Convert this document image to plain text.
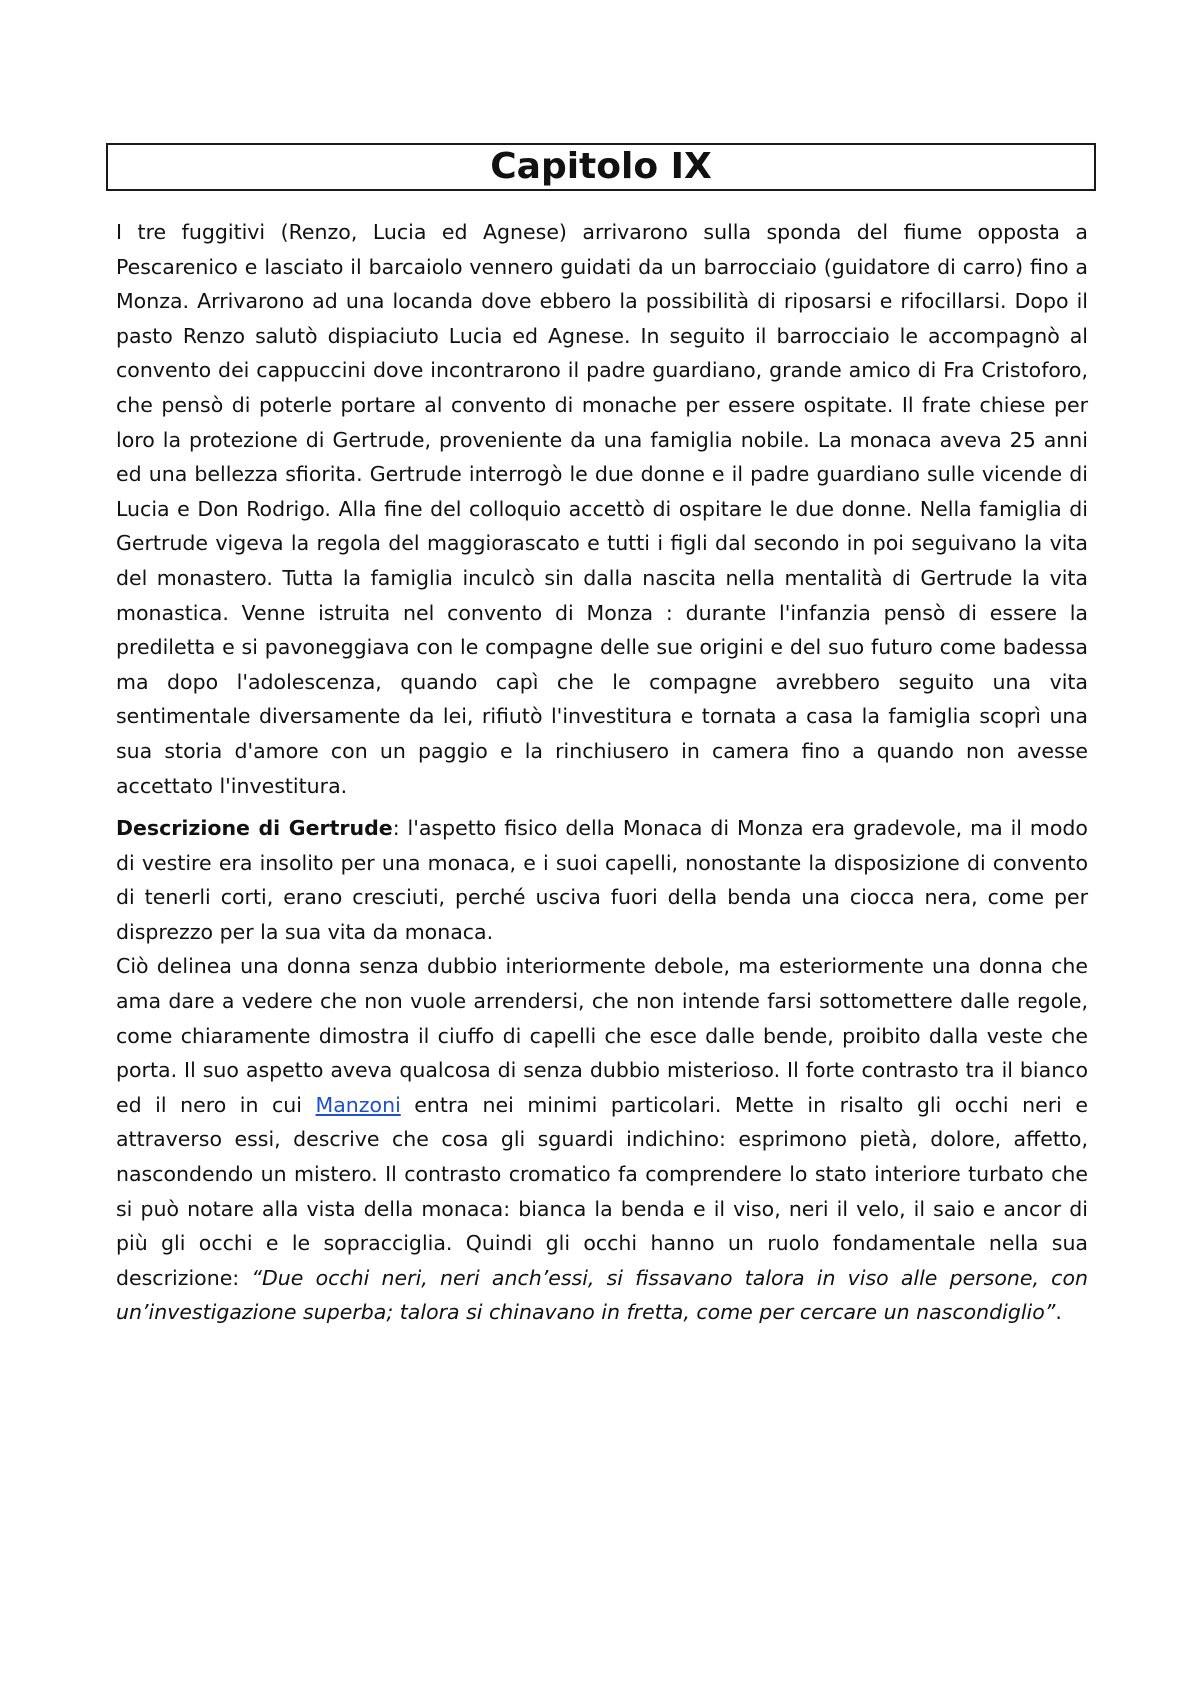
Capitolo IX

I tre fuggitivi (Renzo, Lucia ed Agnese) arrivarono sulla sponda del fiume opposta a Pescarenico e lasciato il barcaiolo vennero guidati da un barrocciaio (guidatore di carro) fino a Monza. Arrivarono ad una locanda dove ebbero la possibilità di riposarsi e rifocillarsi. Dopo il pasto Renzo salutò dispiaciuto Lucia ed Agnese. In seguito il barrocciaio le accompagnò al convento dei cappuccini dove incontrarono il padre guardiano, grande amico di Fra Cristoforo, che pensò di poterle portare al convento di monache per essere ospitate. Il frate chiese per loro la protezione di Gertrude, proveniente da una famiglia nobile. La monaca aveva 25 anni ed una bellezza sfiorita. Gertrude interrogò le due donne e il padre guardiano sulle vicende di Lucia e Don Rodrigo. Alla fine del colloquio accettò di ospitare le due donne. Nella famiglia di Gertrude vigeva la regola del maggiorascato e tutti i figli dal secondo in poi seguivano la vita del monastero. Tutta la famiglia inculcò sin dalla nascita nella mentalità di Gertrude la vita monastica. Venne istruita nel convento di Monza : durante l'infanzia pensò di essere la prediletta e si pavoneggiava con le compagne delle sue origini e del suo futuro come badessa ma dopo l'adolescenza, quando capì che le compagne avrebbero seguito una vita sentimentale diversamente da lei, rifiutò l'investitura e tornata a casa la famiglia scoprì una sua storia d'amore con un paggio e la rinchiusero in camera fino a quando non avesse accettato l'investitura.

Descrizione di Gertrude: l'aspetto fisico della Monaca di Monza era gradevole, ma il modo di vestire era insolito per una monaca, e i suoi capelli, nonostante la disposizione di convento di tenerli corti, erano cresciuti, perché usciva fuori della benda una ciocca nera, come per disprezzo per la sua vita da monaca.

Ciò delinea una donna senza dubbio interiormente debole, ma esteriormente una donna che ama dare a vedere che non vuole arrendersi, che non intende farsi sottomettere dalle regole, come chiaramente dimostra il ciuffo di capelli che esce dalle bende, proibito dalla veste che porta. Il suo aspetto aveva qualcosa di senza dubbio misterioso. Il forte contrasto tra il bianco ed il nero in cui Manzoni entra nei minimi particolari. Mette in risalto gli occhi neri e attraverso essi, descrive che cosa gli sguardi indichino: esprimono pietà, dolore, affetto, nascondendo un mistero. Il contrasto cromatico fa comprendere lo stato interiore turbato che si può notare alla vista della monaca: bianca la benda e il viso, neri il velo, il saio e ancor di più gli occhi e le sopracciglia. Quindi gli occhi hanno un ruolo fondamentale nella sua descrizione: “Due occhi neri, neri anch’essi, si fissavano talora in viso alle persone, con un’investigazione superba; talora si chinavano in fretta, come per cercare un nascondiglio”.
